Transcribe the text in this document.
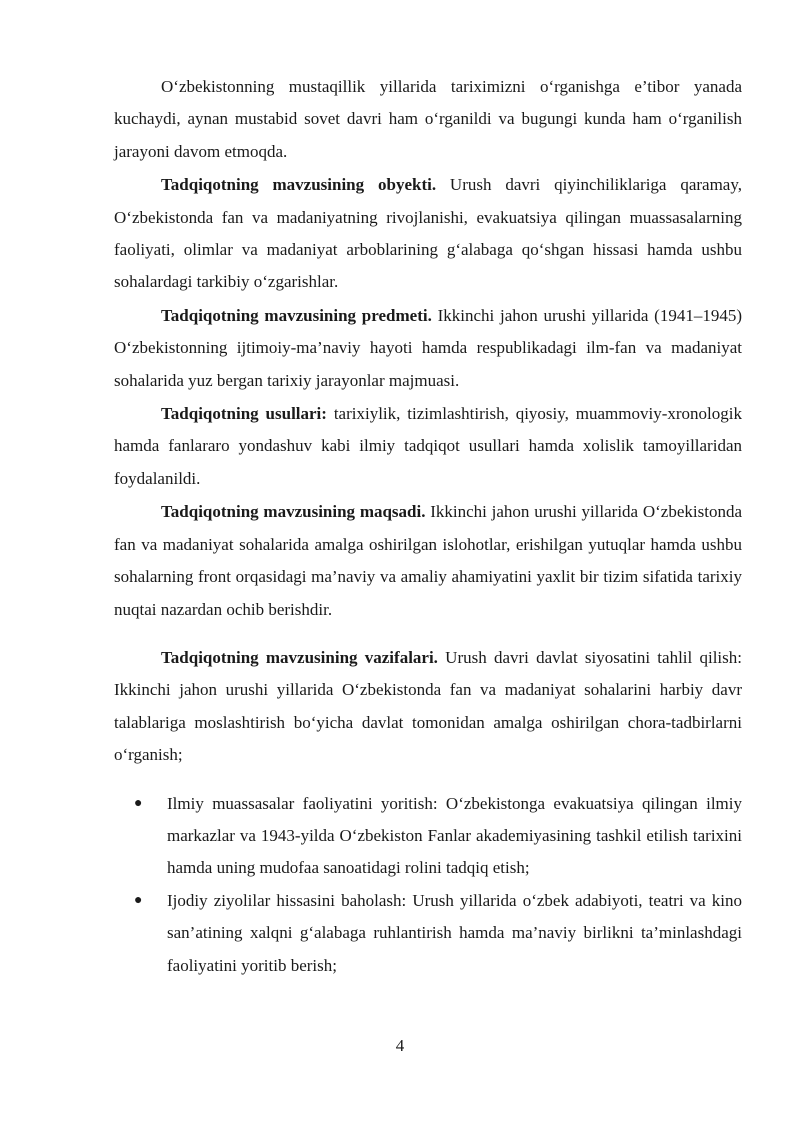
O‘zbekistonning mustaqillik yillarida tariximizni o‘rganishga e’tibor yanada kuchaydi, aynan mustabid sovet davri ham o‘rganildi va bugungi kunda ham o‘rganilish jarayoni davom etmoqda.

Tadqiqotning mavzusining obyekti. Urush davri qiyinchiliklariga qaramay, O‘zbekistonda fan va madaniyatning rivojlanishi, evakuatsiya qilingan muassasalarning faoliyati, olimlar va madaniyat arboblarining g‘alabaga qo‘shgan hissasi hamda ushbu sohalardagi tarkibiy o‘zgarishlar.

Tadqiqotning mavzusining predmeti. Ikkinchi jahon urushi yillarida (1941–1945) O‘zbekistonning ijtimoiy-ma’naviy hayoti hamda respublikadagi ilm-fan va madaniyat sohalarida yuz bergan tarixiy jarayonlar majmuasi.

Tadqiqotning usullari: tarixiylik, tizimlashtirish, qiyosiy, muammoviy-xronologik hamda fanlararo yondashuv kabi ilmiy tadqiqot usullari hamda xolislik tamoyillaridan foydalanildi.

Tadqiqotning mavzusining maqsadi. Ikkinchi jahon urushi yillarida O‘zbekistonda fan va madaniyat sohalarida amalga oshirilgan islohotlar, erishilgan yutuqlar hamda ushbu sohalarning front orqasidagi ma’naviy va amaliy ahamiyatini yaxlit bir tizim sifatida tarixiy nuqtai nazardan ochib berishdir.

Tadqiqotning mavzusining vazifalari. Urush davri davlat siyosatini tahlil qilish: Ikkinchi jahon urushi yillarida O‘zbekistonda fan va madaniyat sohalarini harbiy davr talablariga moslashtirish bo‘yicha davlat tomonidan amalga oshirilgan chora-tadbirlarni o‘rganish;

● Ilmiy muassasalar faoliyatini yoritish: O‘zbekistonga evakuatsiya qilingan ilmiy markazlar va 1943-yilda O‘zbekiston Fanlar akademiyasining tashkil etilish tarixini hamda uning mudofaa sanoatidagi rolini tadqiq etish;
● Ijodiy ziyolilar hissasini baholash: Urush yillarida o‘zbek adabiyoti, teatri va kino san’atining xalqni g‘alabaga ruhlantirish hamda ma’naviy birlikni ta’minlashdagi faoliyatini yoritib berish;
4
